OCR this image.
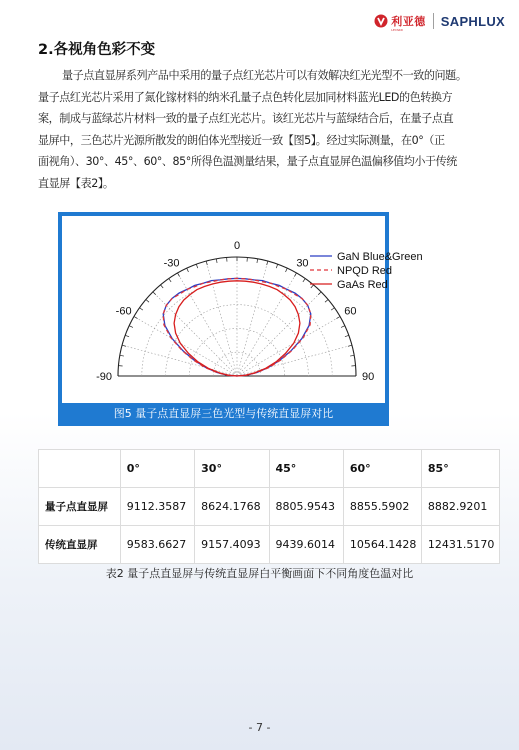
利亚德
LEYARD
SAPHLUX
2.各视角色彩不变
量子点直显屏系列产品中采用的量子点红光芯片可以有效解决红光光型不一致的问题。
量子点红光芯片采用了氮化镓材料的纳米孔量子点色转化层加同材料蓝光LED的色转换方
案，制成与蓝绿芯片材料一致的量子点红光芯片。该红光芯片与蓝绿结合后，在量子点直
显屏中，三色芯片光源所散发的朗伯体光型接近一致【图5】。经过实际测量，在0°（正
面视角）、30°、45°、60°、85°所得色温测量结果，量子点直显屏色温偏移值均小于传统
直显屏【表2】。
-90
-60
-30
0
30
60
90
GaN Blue&Green
NPQD Red
GaAs Red
图5 量子点直显屏三色光型与传统直显屏对比
	0°	30°	45°	60°	85°
量子点直显屏	9112.3587	8624.1768	8805.9543	8855.5902	8882.9201
传统直显屏	9583.6627	9157.4093	9439.6014	10564.1428	12431.5170
表2 量子点直显屏与传统直显屏白平衡画面下不同角度色温对比
- 7 -
